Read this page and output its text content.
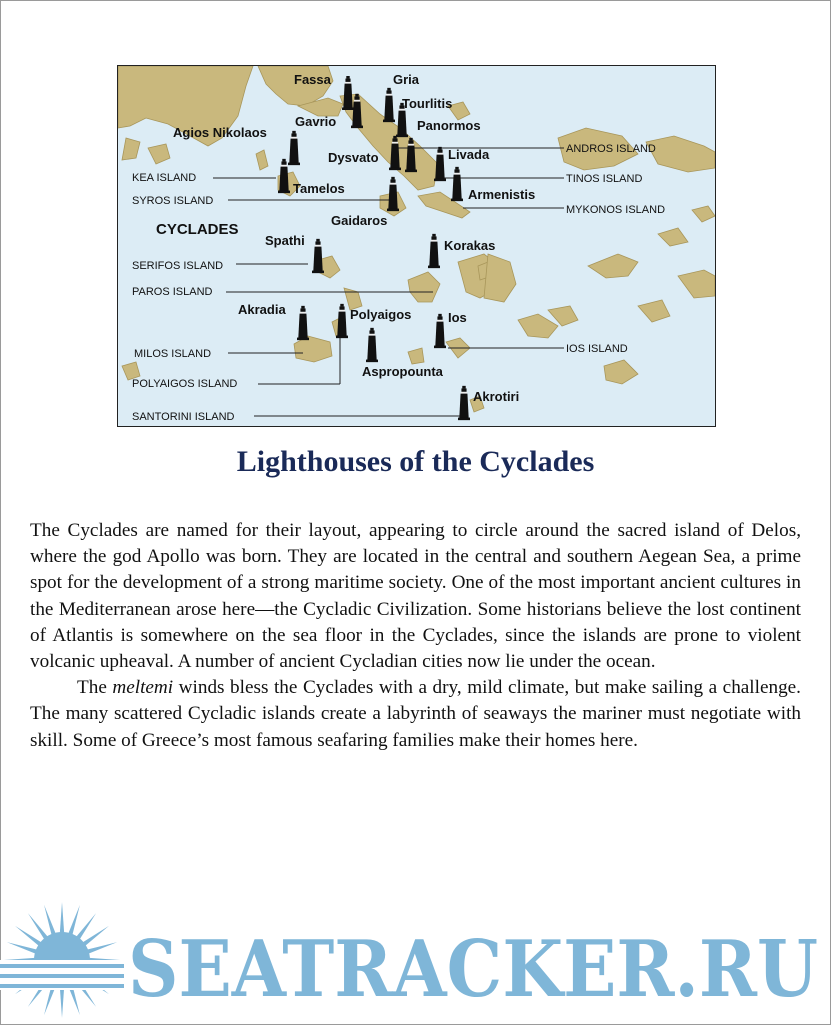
CYCLADES
Fassa	Gria
Tourlitis
Panormos
Gavrio
Agios Nikolaos
Dysvato	Livada
Tamelos	Armenistis
Gaidaros
Spathi	Korakas
Akradia	Polyaigos	Ios
Aspropounta
Akrotiri
ANDROS ISLAND
KEA ISLAND	TINOS ISLAND
SYROS ISLAND
MYKONOS ISLAND
SERIFOS ISLAND
PAROS ISLAND
MILOS ISLAND	IOS ISLAND
POLYAIGOS ISLAND
SANTORINI ISLAND
Lighthouses of the Cyclades

The Cyclades are named for their layout, appearing to circle around the sacred island of Delos, where the god Apollo was born. They are located in the central and southern Aegean Sea, a prime spot for the development of a strong maritime society. One of the most important ancient cultures in the Mediterranean arose here—the Cycladic Civilization. Some historians believe the lost continent of Atlantis is somewhere on the sea floor in the Cyclades, since the islands are prone to violent volcanic upheaval. A number of ancient Cycladian cities now lie under the ocean.

The meltemi winds bless the Cyclades with a dry, mild climate, but make sailing a challenge. The many scattered Cycladic islands create a labyrinth of seaways the mariner must negotiate with skill. Some of Greece’s most famous seafaring families make their homes here.

SEATRACKER.RU
